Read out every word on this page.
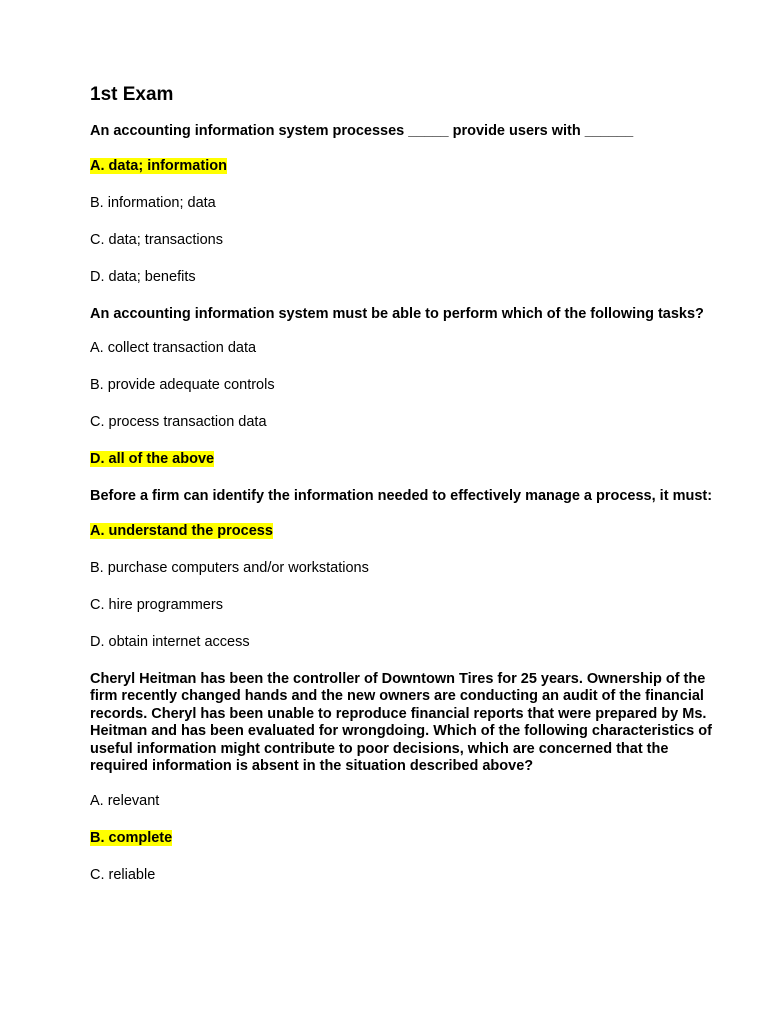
1st Exam
An accounting information system processes _____ provide users with ______
A. data; information
B. information; data
C. data; transactions
D. data; benefits
An accounting information system must be able to perform which of the following tasks?
A. collect transaction data
B. provide adequate controls
C. process transaction data
D. all of the above
Before a firm can identify the information needed to effectively manage a process, it must:
A. understand the process
B. purchase computers and/or workstations
C. hire programmers
D. obtain internet access
Cheryl Heitman has been the controller of Downtown Tires for 25 years. Ownership of the firm recently changed hands and the new owners are conducting an audit of the financial records. Cheryl has been unable to reproduce financial reports that were prepared by Ms. Heitman and has been evaluated for wrongdoing. Which of the following characteristics of useful information might contribute to poor decisions, which are concerned that the required information is absent in the situation described above?
A. relevant
B. complete
C. reliable
